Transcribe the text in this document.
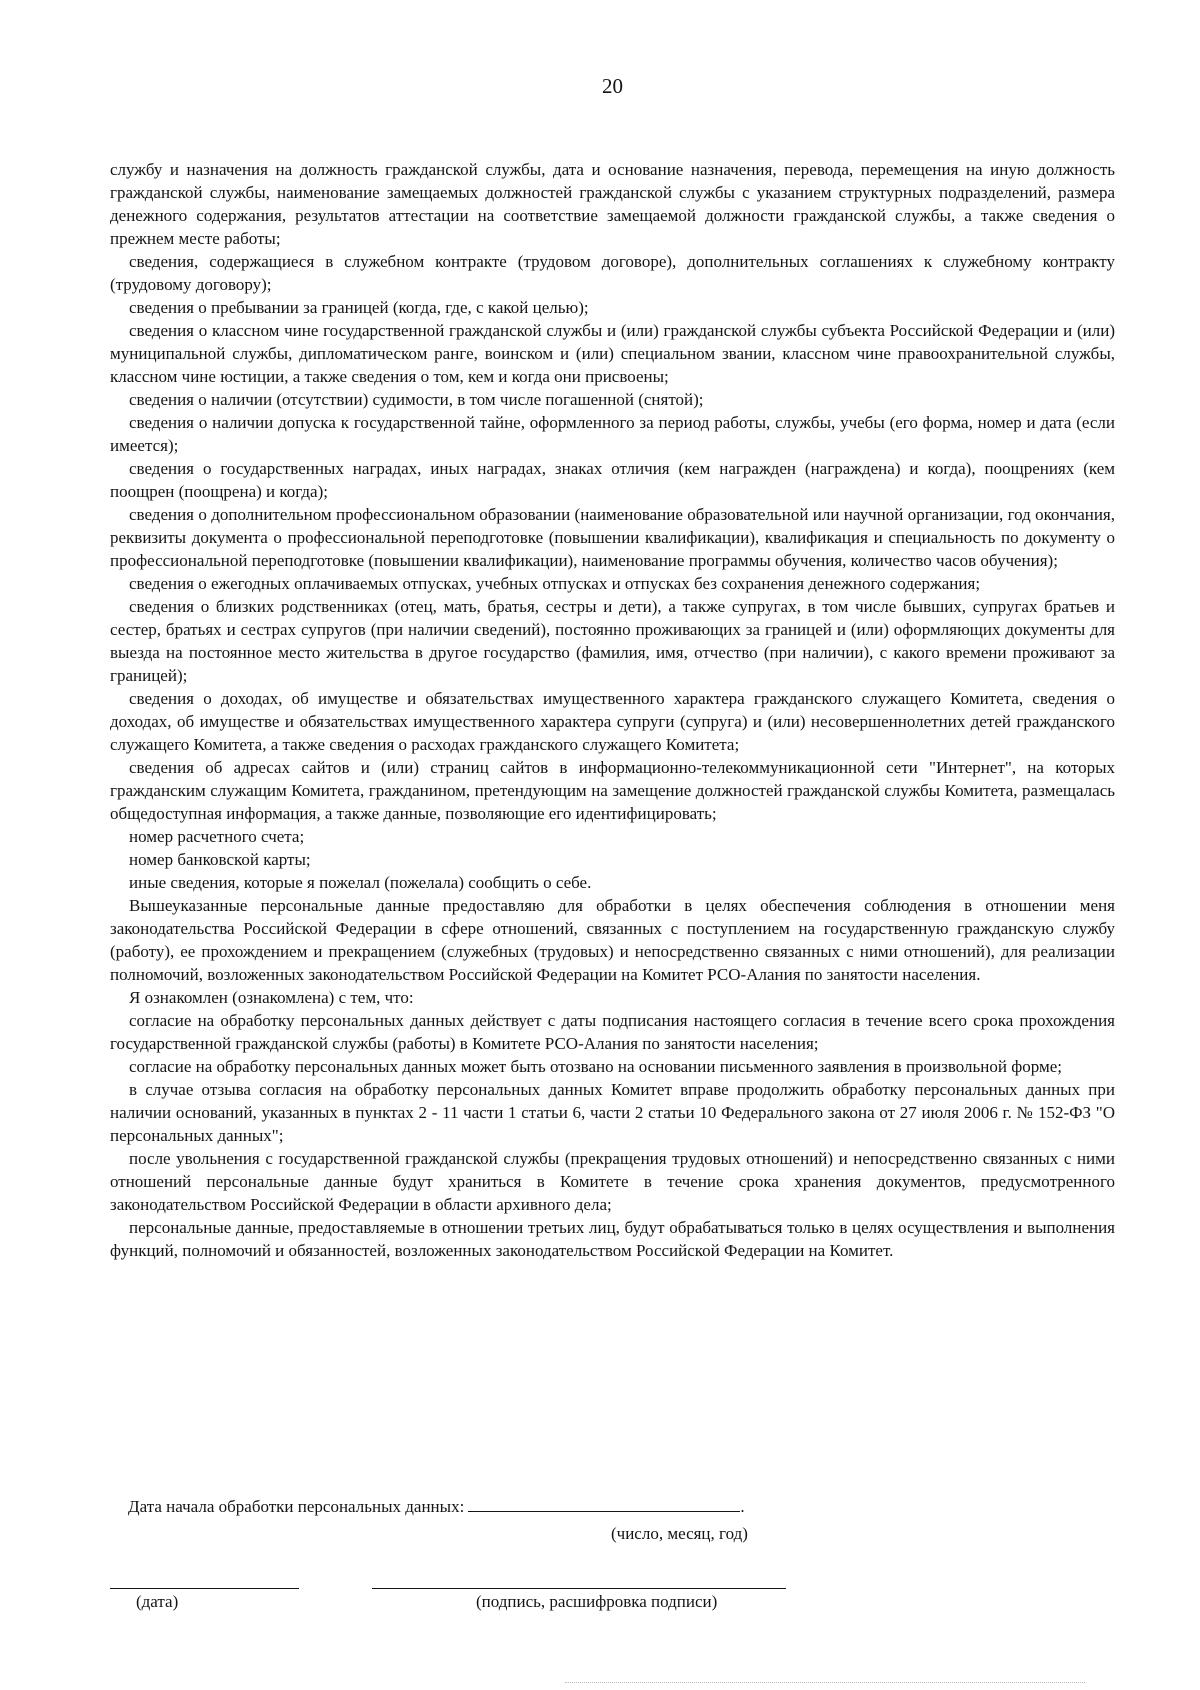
20

службу и назначения на должность гражданской службы, дата и основание назначения, перевода, перемещения на иную должность гражданской службы, наименование замещаемых должностей гражданской службы с указанием структурных подразделений, размера денежного содержания, результатов аттестации на соответствие замещаемой должности гражданской службы, а также сведения о прежнем месте работы;

сведения, содержащиеся в служебном контракте (трудовом договоре), дополнительных соглашениях к служебному контракту (трудовому договору);

сведения о пребывании за границей (когда, где, с какой целью);

сведения о классном чине государственной гражданской службы и (или) гражданской службы субъекта Российской Федерации и (или) муниципальной службы, дипломатическом ранге, воинском и (или) специальном звании, классном чине правоохранительной службы, классном чине юстиции, а также сведения о том, кем и когда они присвоены;

сведения о наличии (отсутствии) судимости, в том числе погашенной (снятой);

сведения о наличии допуска к государственной тайне, оформленного за период работы, службы, учебы (его форма, номер и дата (если имеется);

сведения о государственных наградах, иных наградах, знаках отличия (кем награжден (награждена) и когда), поощрениях (кем поощрен (поощрена) и когда);

сведения о дополнительном профессиональном образовании (наименование образовательной или научной организации, год окончания, реквизиты документа о профессиональной переподготовке (повышении квалификации), квалификация и специальность по документу о профессиональной переподготовке (повышении квалификации), наименование программы обучения, количество часов обучения);

сведения о ежегодных оплачиваемых отпусках, учебных отпусках и отпусках без сохранения денежного содержания;

сведения о близких родственниках (отец, мать, братья, сестры и дети), а также супругах, в том числе бывших, супругах братьев и сестер, братьях и сестрах супругов (при наличии сведений), постоянно проживающих за границей и (или) оформляющих документы для выезда на постоянное место жительства в другое государство (фамилия, имя, отчество (при наличии), с какого времени проживают за границей);

сведения о доходах, об имуществе и обязательствах имущественного характера гражданского служащего Комитета, сведения о доходах, об имуществе и обязательствах имущественного характера супруги (супруга) и (или) несовершеннолетних детей гражданского служащего Комитета, а также сведения о расходах гражданского служащего Комитета;

сведения об адресах сайтов и (или) страниц сайтов в информационно-телекоммуникационной сети "Интернет", на которых гражданским служащим Комитета, гражданином, претендующим на замещение должностей гражданской службы Комитета, размещалась общедоступная информация, а также данные, позволяющие его идентифицировать;

номер расчетного счета;

номер банковской карты;

иные сведения, которые я пожелал (пожелала) сообщить о себе.

Вышеуказанные персональные данные предоставляю для обработки в целях обеспечения соблюдения в отношении меня законодательства Российской Федерации в сфере отношений, связанных с поступлением на государственную гражданскую службу (работу), ее прохождением и прекращением (служебных (трудовых) и непосредственно связанных с ними отношений), для реализации полномочий, возложенных законодательством Российской Федерации на Комитет РСО-Алания по занятости населения.

Я ознакомлен (ознакомлена) с тем, что:

согласие на обработку персональных данных действует с даты подписания настоящего согласия в течение всего срока прохождения государственной гражданской службы (работы) в Комитете РСО-Алания по занятости населения;

согласие на обработку персональных данных может быть отозвано на основании письменного заявления в произвольной форме;

в случае отзыва согласия на обработку персональных данных Комитет вправе продолжить обработку персональных данных при наличии оснований, указанных в пунктах 2 - 11 части 1 статьи 6, части 2 статьи 10 Федерального закона от 27 июля 2006 г. № 152-ФЗ "О персональных данных";

после увольнения с государственной гражданской службы (прекращения трудовых отношений) и непосредственно связанных с ними отношений персональные данные будут храниться в Комитете в течение срока хранения документов, предусмотренного законодательством Российской Федерации в области архивного дела;

персональные данные, предоставляемые в отношении третьих лиц, будут обрабатываться только в целях осуществления и выполнения функций, полномочий и обязанностей, возложенных законодательством Российской Федерации на Комитет.

Дата начала обработки персональных данных:	.
(число, месяц, год)
(дата)	(подпись, расшифровка подписи)
